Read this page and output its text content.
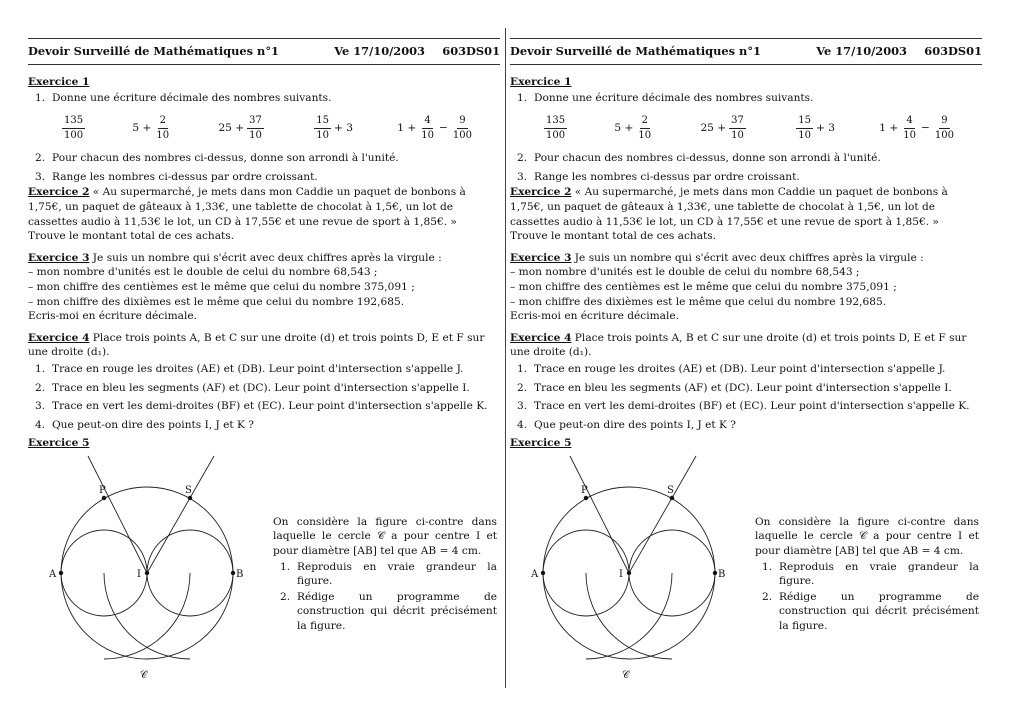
Devoir Surveillé de Mathématiques n°1	Ve 17/10/2003 603DS01
Exercice 1
1. Donne une écriture décimale des nombres suivants.
$\frac{135}{100}$	$5 + \frac{2}{10}$	$25 + \frac{37}{10}$	$\frac{15}{10} + 3$	$1 + \frac{4}{10} - \frac{9}{100}$
2. Pour chacun des nombres ci-dessus, donne son arrondi à l'unité.
3. Range les nombres ci-dessus par ordre croissant.
Exercice 2 « Au supermarché, je mets dans mon Caddie un paquet de bonbons à 1,75€, un paquet de gâteaux à 1,33€, une tablette de chocolat à 1,5€, un lot de cassettes audio à 11,53€ le lot, un CD à 17,55€ et une revue de sport à 1,85€. »
Trouve le montant total de ces achats.
Exercice 3 Je suis un nombre qui s'écrit avec deux chiffres après la virgule :
– mon nombre d'unités est le double de celui du nombre 68,543 ;
– mon chiffre des centièmes est le même que celui du nombre 375,091 ;
– mon chiffre des dixièmes est le même que celui du nombre 192,685.
Ecris-moi en écriture décimale.
Exercice 4 Place trois points A, B et C sur une droite (d) et trois points D, E et F sur une droite (d₁).
1. Trace en rouge les droites (AE) et (DB). Leur point d'intersection s'appelle J.
2. Trace en bleu les segments (AF) et (DC). Leur point d'intersection s'appelle I.
3. Trace en vert les demi-droites (BF) et (EC). Leur point d'intersection s'appelle K.
4. Que peut-on dire des points I, J et K ?
Exercice 5
P	S
A	I	B
𝒞
On considère la figure ci-contre dans laquelle le cercle 𝒞 a pour centre I et pour diamètre [AB] tel que AB = 4 cm.
1. Reproduis en vraie grandeur la figure.
2. Rédige un programme de construction qui décrit précisément la figure.
Devoir Surveillé de Mathématiques n°1	Ve 17/10/2003 603DS01
Exercice 1
1. Donne une écriture décimale des nombres suivants.
$\frac{135}{100}$	$5 + \frac{2}{10}$	$25 + \frac{37}{10}$	$\frac{15}{10} + 3$	$1 + \frac{4}{10} - \frac{9}{100}$
2. Pour chacun des nombres ci-dessus, donne son arrondi à l'unité.
3. Range les nombres ci-dessus par ordre croissant.
Exercice 2 « Au supermarché, je mets dans mon Caddie un paquet de bonbons à 1,75€, un paquet de gâteaux à 1,33€, une tablette de chocolat à 1,5€, un lot de cassettes audio à 11,53€ le lot, un CD à 17,55€ et une revue de sport à 1,85€. »
Trouve le montant total de ces achats.
Exercice 3 Je suis un nombre qui s'écrit avec deux chiffres après la virgule :
– mon nombre d'unités est le double de celui du nombre 68,543 ;
– mon chiffre des centièmes est le même que celui du nombre 375,091 ;
– mon chiffre des dixièmes est le même que celui du nombre 192,685.
Ecris-moi en écriture décimale.
Exercice 4 Place trois points A, B et C sur une droite (d) et trois points D, E et F sur une droite (d₁).
1. Trace en rouge les droites (AE) et (DB). Leur point d'intersection s'appelle J.
2. Trace en bleu les segments (AF) et (DC). Leur point d'intersection s'appelle I.
3. Trace en vert les demi-droites (BF) et (EC). Leur point d'intersection s'appelle K.
4. Que peut-on dire des points I, J et K ?
Exercice 5
P	S
A	I	B
𝒞
On considère la figure ci-contre dans laquelle le cercle 𝒞 a pour centre I et pour diamètre [AB] tel que AB = 4 cm.
1. Reproduis en vraie grandeur la figure.
2. Rédige un programme de construction qui décrit précisément la figure.
